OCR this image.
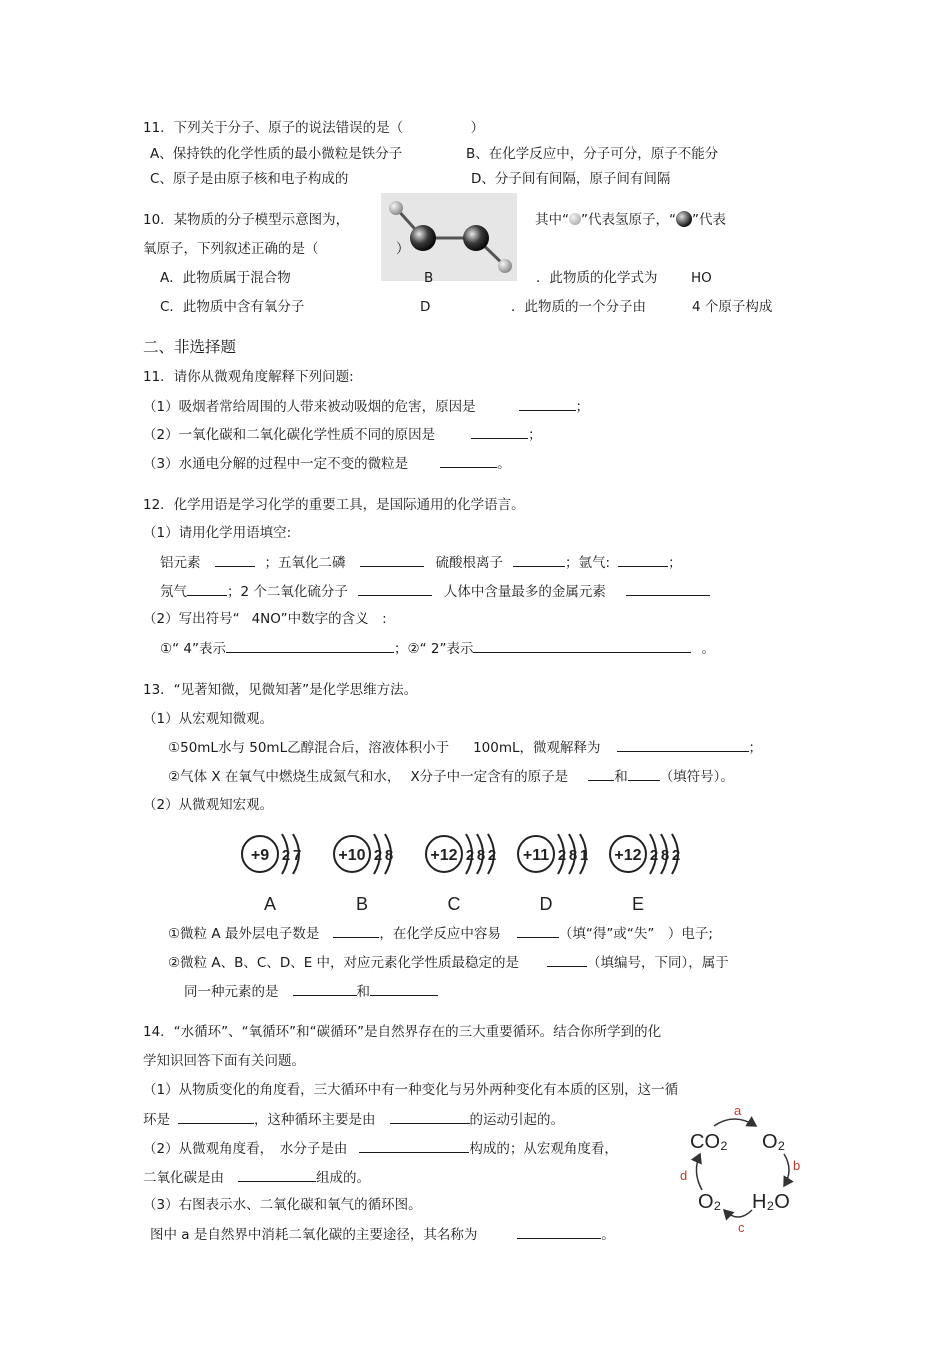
11．下列关于分子、原子的说法错误的是（　　　　　）
A、保持铁的化学性质的最小微粒是铁分子	B、在化学反应中，分子可分，原子不能分
C、原子是由原子核和电子构成的	D、分子间有间隔，原子间有间隔
10．某物质的分子模型示意图为，	其中“ ”代表氢原子，“ ”代表
氧原子，下列叙述正确的是（	）
A．此物质属于混合物	B	．此物质的化学式为 HO
C．此物质中含有氧分子	D	．此物质的一个分子由	4 个原子构成
二、非选择题
11．请你从微观角度解释下列问题:
（1）吸烟者常给周围的人带来被动吸烟的危害，原因是	；
（2）一氧化碳和二氧化碳化学性质不同的原因是	；
（3）水通电分解的过程中一定不变的微粒是	。
12．化学用语是学习化学的重要工具，是国际通用的化学语言。
（1）请用化学用语填空:
铝元素	；五氧化二磷	硫酸根离子	；氩气:	；
氖气	；2 个二氧化硫分子	人体中含量最多的金属元素
（2）写出符号“ 4NO”中数字的含义　:
①“ 4”表示	；②“ 2”表示	。
13．“见著知微，见微知著”是化学思维方法。
（1）从宏观知微观。
①50mL水与 50mL乙醇混合后，溶液体积小于 100mL，微观解释为	；
②气体 X 在氧气中燃烧生成氮气和水， X分子中一定含有的原子是	和 （填符号）。
（2）从微观知宏观。
+9 2 7
A
+10 2 8
B
+12 2 8 2
C
+11 2 8 1
D
+12 2 8 2
E
①微粒 A 最外层电子数是	，在化学反应中容易	（填“得”或“失”　）电子;
②微粒 A、B、C、D、E 中，对应元素化学性质最稳定的是	（填编号，下同），属于
同一种元素的是	和
14．“水循环”、“氧循环”和“碳循环”是自然界存在的三大重要循环。结合你所学到的化
学知识回答下面有关问题。
（1）从物质变化的角度看，三大循环中有一种变化与另外两种变化有本质的区别，这一循
环是	，这种循环主要是由	的运动引起的。
（2）从微观角度看，　水分子是由	构成的；从宏观角度看，
二氧化碳是由	组成的。
（3）右图表示水、二氧化碳和氧气的循环图。
图中 a 是自然界中消耗二氧化碳的主要途径，其名称为	。
CO₂ O₂
H₂O
O₂
a
b
c
d
